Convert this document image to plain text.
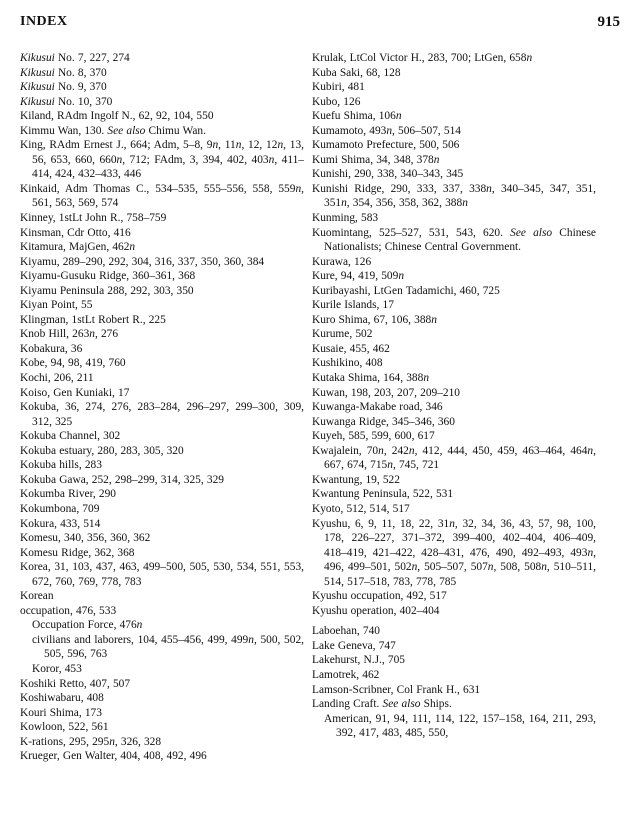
INDEX	915

Kikusui No. 7, 227, 274

Kikusui No. 8, 370

Kikusui No. 9, 370

Kikusui No. 10, 370

Kiland, RAdm Ingolf N., 62, 92, 104, 550

Kimmu Wan, 130. See also Chimu Wan.

King, RAdm Ernest J., 664; Adm, 5–8, 9n, 11n, 12, 12n, 13, 56, 653, 660, 660n, 712; FAdm, 3, 394, 402, 403n, 411–414, 424, 432–433, 446

Kinkaid, Adm Thomas C., 534–535, 555–556, 558, 559n, 561, 563, 569, 574

Kinney, 1stLt John R., 758–759

Kinsman, Cdr Otto, 416

Kitamura, MajGen, 462n

Kiyamu, 289–290, 292, 304, 316, 337, 350, 360, 384

Kiyamu-Gusuku Ridge, 360–361, 368

Kiyamu Peninsula 288, 292, 303, 350

Kiyan Point, 55

Klingman, 1stLt Robert R., 225

Knob Hill, 263n, 276

Kobakura, 36

Kobe, 94, 98, 419, 760

Kochi, 206, 211

Koiso, Gen Kuniaki, 17

Kokuba, 36, 274, 276, 283–284, 296–297, 299–300, 309, 312, 325

Kokuba Channel, 302

Kokuba estuary, 280, 283, 305, 320

Kokuba hills, 283

Kokuba Gawa, 252, 298–299, 314, 325, 329

Kokumba River, 290

Kokumbona, 709

Kokura, 433, 514

Komesu, 340, 356, 360, 362

Komesu Ridge, 362, 368

Korea, 31, 103, 437, 463, 499–500, 505, 530, 534, 551, 553, 672, 760, 769, 778, 783

Korean

occupation, 476, 533

Occupation Force, 476n

civilians and laborers, 104, 455–456, 499, 499n, 500, 502, 505, 596, 763

Koror, 453

Koshiki Retto, 407, 507

Koshiwabaru, 408

Kouri Shima, 173

Kowloon, 522, 561

K-rations, 295, 295n, 326, 328

Krueger, Gen Walter, 404, 408, 492, 496

Krulak, LtCol Victor H., 283, 700; LtGen, 658n

Kuba Saki, 68, 128

Kubiri, 481

Kubo, 126

Kuefu Shima, 106n

Kumamoto, 493n, 506–507, 514

Kumamoto Prefecture, 500, 506

Kumi Shima, 34, 348, 378n

Kunishi, 290, 338, 340–343, 345

Kunishi Ridge, 290, 333, 337, 338n, 340–345, 347, 351, 351n, 354, 356, 358, 362, 388n

Kunming, 583

Kuomintang, 525–527, 531, 543, 620. See also Chinese Nationalists; Chinese Central Government.

Kurawa, 126

Kure, 94, 419, 509n

Kuribayashi, LtGen Tadamichi, 460, 725

Kurile Islands, 17

Kuro Shima, 67, 106, 388n

Kurume, 502

Kusaie, 455, 462

Kushikino, 408

Kutaka Shima, 164, 388n

Kuwan, 198, 203, 207, 209–210

Kuwanga-Makabe road, 346

Kuwanga Ridge, 345–346, 360

Kuyeh, 585, 599, 600, 617

Kwajalein, 70n, 242n, 412, 444, 450, 459, 463–464, 464n, 667, 674, 715n, 745, 721

Kwantung, 19, 522

Kwantung Peninsula, 522, 531

Kyoto, 512, 514, 517

Kyushu, 6, 9, 11, 18, 22, 31n, 32, 34, 36, 43, 57, 98, 100, 178, 226–227, 371–372, 399–400, 402–404, 406–409, 418–419, 421–422, 428–431, 476, 490, 492–493, 493n, 496, 499–501, 502n, 505–507, 507n, 508, 508n, 510–511, 514, 517–518, 783, 778, 785

Kyushu occupation, 492, 517

Kyushu operation, 402–404

Laboehan, 740

Lake Geneva, 747

Lakehurst, N.J., 705

Lamotrek, 462

Lamson-Scribner, Col Frank H., 631

Landing Craft. See also Ships.

American, 91, 94, 111, 114, 122, 157–158, 164, 211, 293, 392, 417, 483, 485, 550,
